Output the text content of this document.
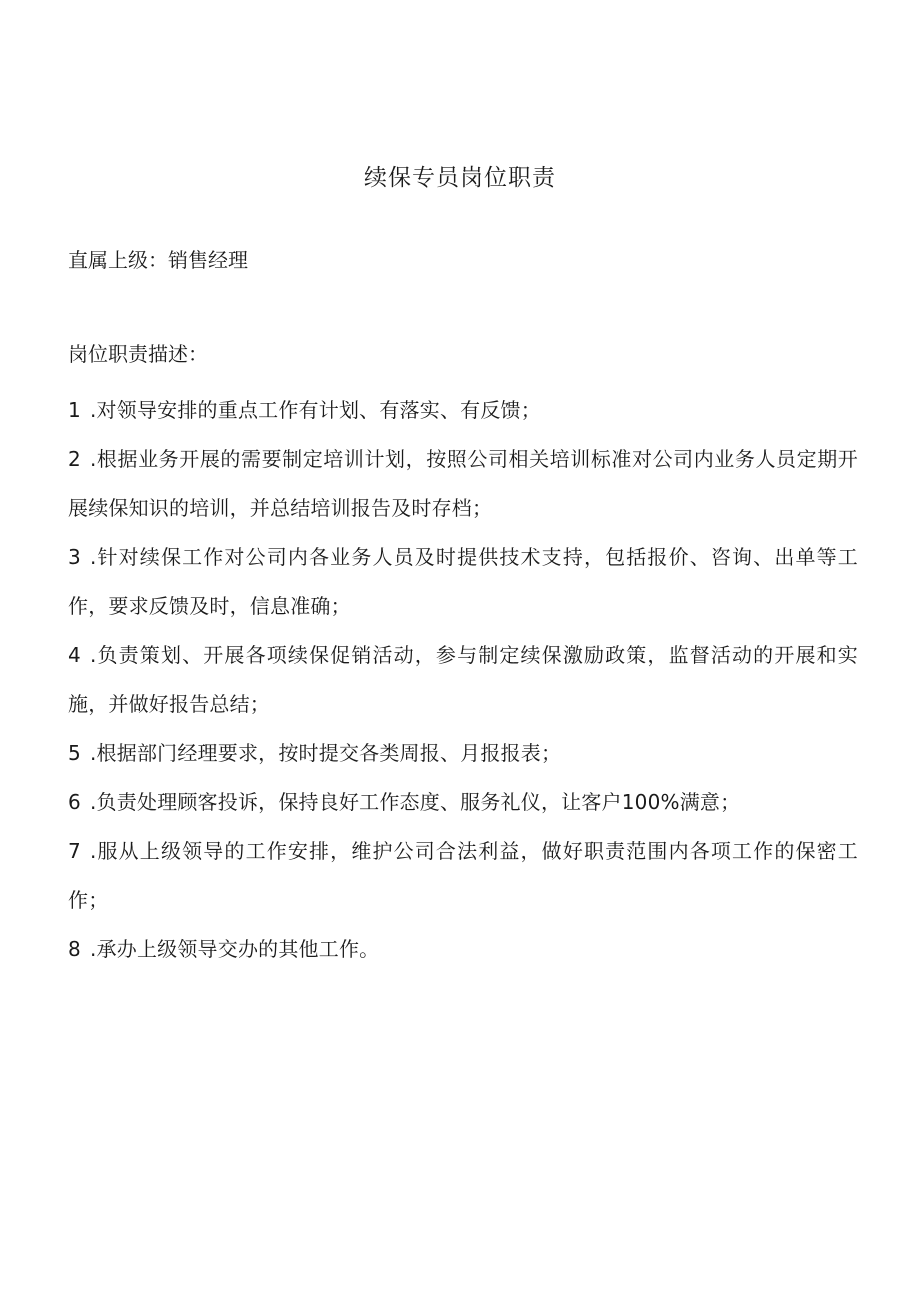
续保专员岗位职责
直属上级：销售经理
岗位职责描述：
1 .对领导安排的重点工作有计划、有落实、有反馈；
2 .根据业务开展的需要制定培训计划，按照公司相关培训标准对公司内业务人员定期开展续保知识的培训，并总结培训报告及时存档；
3 .针对续保工作对公司内各业务人员及时提供技术支持，包括报价、咨询、出单等工作，要求反馈及时，信息准确；
4 .负责策划、开展各项续保促销活动，参与制定续保激励政策，监督活动的开展和实施，并做好报告总结；
5 .根据部门经理要求，按时提交各类周报、月报报表；
6 .负责处理顾客投诉，保持良好工作态度、服务礼仪，让客户100%满意；
7 .服从上级领导的工作安排，维护公司合法利益，做好职责范围内各项工作的保密工作；
8 .承办上级领导交办的其他工作。
